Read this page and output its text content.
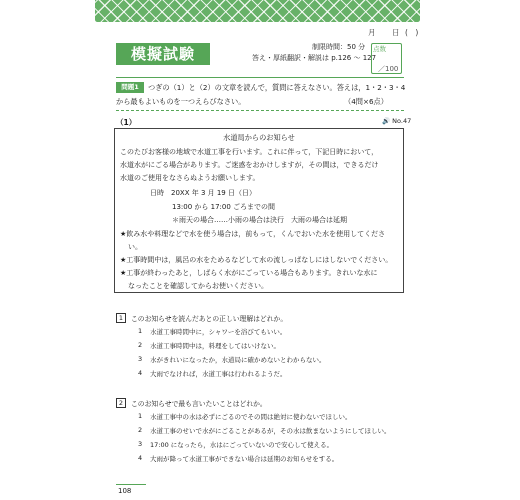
月 日 (　)
模擬試験	制限時間：50 分
答え・厚紙翻訳・解説は p.126 ～ 127
点数
／100
問題1	つぎの（1）と（2）の文章を読んで，質問に答えなさい。答えは，1・2・3・4
から最もよいものを一つえらびなさい。	（4問×6点）
（1）	🔊 No.47
水道局からのお知らせ
このたびお客様の地域で水道工事を行います。これに伴って，下記日時において，
水道水がにごる場合があります。ご迷惑をおかけしますが，その間は，できるだけ
水道のご使用をなさらぬようお願いします。
日時　20XX 年 3 月 19 日（日）
13:00 から 17:00 ごろまでの間
＊雨天の場合……小雨の場合は決行　大雨の場合は延期
★飲み水や料理などで水を使う場合は，前もって，くんでおいた水を使用してくださ
い。
★工事時間中は，風呂の水をためるなどして水の流しっぱなしにはしないでください。
★工事が終わったあと，しばらく水がにごっている場合もあります。きれいな水に
なったことを確認してからお使いください。
1	このお知らせを読んだあとの正しい理解はどれか。
1 水道工事時間中に，シャワーを浴びてもいい。
2 水道工事時間中は，料理をしてはいけない。
3 水がきれいになったか，水道局に確かめないとわからない。
4 大雨でなければ，水道工事は行われるようだ。
2	このお知らせで最も言いたいことはどれか。
1 水道工事中の水は必ずにごるのでその間は絶対に使わないでほしい。
2 水道工事のせいで水がにごることがあるが，その水は飲まないようにしてほしい。
3 17:00 になったら，水はにごっていないので安心して使える。
4 大雨が降って水道工事ができない場合は延期のお知らせをする。
108
